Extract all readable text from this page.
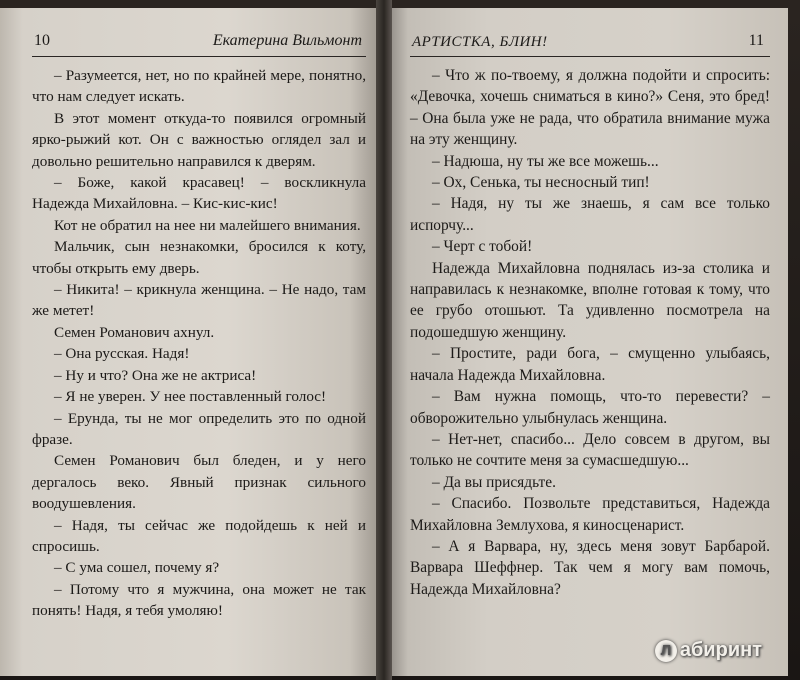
10	Екатерина Вильмонт

– Разумеется, нет, но по крайней мере, понятно, что нам следует искать.

В этот момент откуда-то появился огромный ярко-рыжий кот. Он с важностью оглядел зал и довольно решительно направился к дверям.

– Боже, какой красавец! – воскликнула Надежда Михайловна. – Кис-кис-кис!

Кот не обратил на нее ни малейшего внимания.

Мальчик, сын незнакомки, бросился к коту, чтобы открыть ему дверь.

– Никита! – крикнула женщина. – Не надо, там же метет!

Семен Романович ахнул.

– Она русская. Надя!

– Ну и что? Она же не актриса!

– Я не уверен. У нее поставленный голос!

– Ерунда, ты не мог определить это по одной фразе.

Семен Романович был бледен, и у него дергалось веко. Явный признак сильного воодушевления.

– Надя, ты сейчас же подойдешь к ней и спросишь.

– С ума сошел, почему я?

– Потому что я мужчина, она может не так понять! Надя, я тебя умоляю!

АРТИСТКА, БЛИН!	11

– Что ж по-твоему, я должна подойти и спросить: «Девочка, хочешь сниматься в кино?» Сеня, это бред! – Она была уже не рада, что обратила внимание мужа на эту женщину.

– Надюша, ну ты же все можешь...

– Ох, Сенька, ты несносный тип!

– Надя, ну ты же знаешь, я сам все только испорчу...

– Черт с тобой!

Надежда Михайловна поднялась из-за столика и направилась к незнакомке, вполне готовая к тому, что ее грубо отошьют. Та удивленно посмотрела на подошедшую женщину.

– Простите, ради бога, – смущенно улыбаясь, начала Надежда Михайловна.

– Вам нужна помощь, что-то перевести? – обворожительно улыбнулась женщина.

– Нет-нет, спасибо... Дело совсем в другом, вы только не сочтите меня за сумасшедшую...

– Да вы присядьте.

– Спасибо. Позвольте представиться, Надежда Михайловна Землухова, я киносценарист.

– А я Варвара, ну, здесь меня зовут Барбарой. Варвара Шеффнер. Так чем я могу вам помочь, Надежда Михайловна?

Л абиринт
